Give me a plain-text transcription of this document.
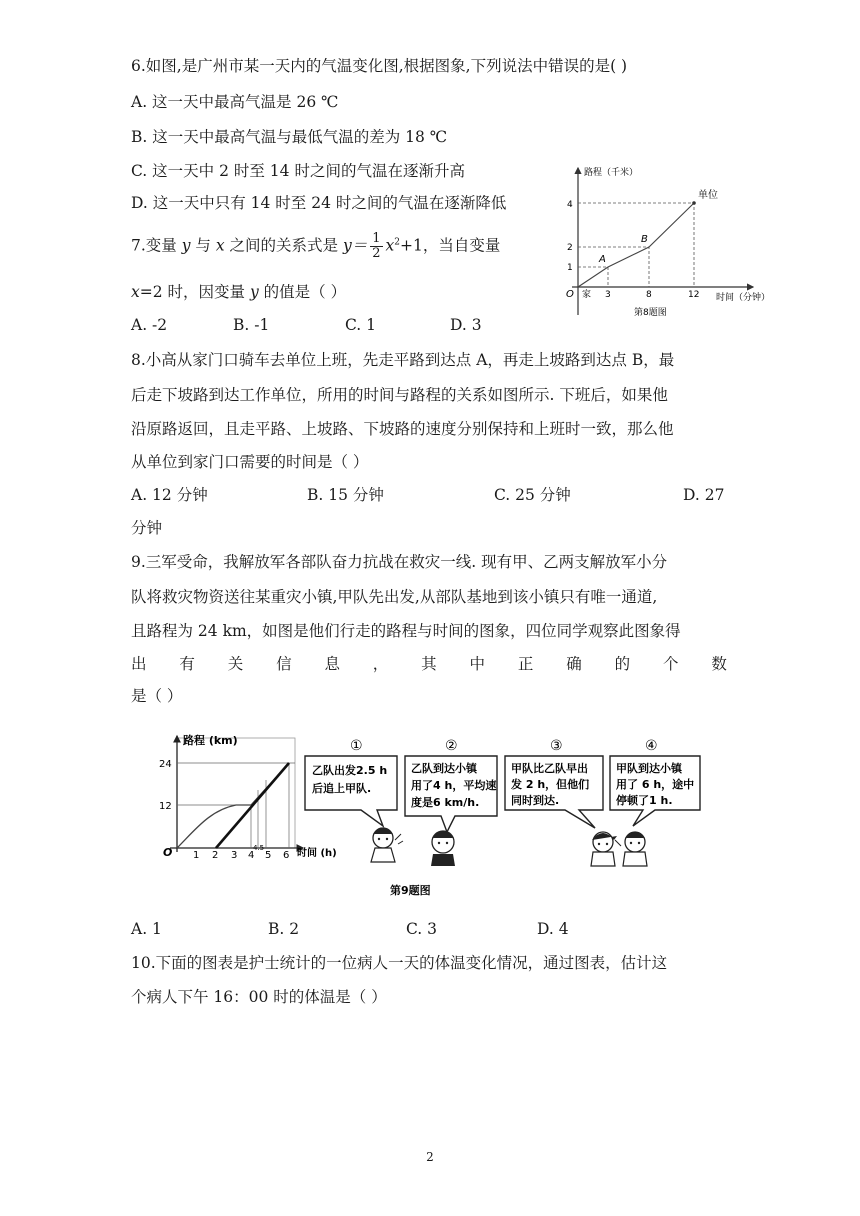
6.如图,是广州市某一天内的气温变化图,根据图象,下列说法中错误的是( )
A. 这一天中最高气温是 26 ℃
B. 这一天中最高气温与最低气温的差为 18 ℃
C. 这一天中 2 时至 14 时之间的气温在逐渐升高
D. 这一天中只有 14 时至 24 时之间的气温在逐渐降低
7.变量 y 与 x 之间的关系式是 $y= \frac{1}{2} x^2+1$，当自变量
x=2 时，因变量 y 的值是（ ）
A. -2	B. -1	C. 1	D. 3
路程（千米）
时间（分钟）
O 家
单位
A
B
4
2
1
3	8	12
第8题图
8.小高从家门口骑车去单位上班，先走平路到达点 A，再走上坡路到达点 B，最
后走下坡路到达工作单位，所用的时间与路程的关系如图所示. 下班后，如果他
沿原路返回，且走平路、上坡路、下坡路的速度分别保持和上班时一致，那么他
从单位到家门口需要的时间是（ ）
A. 12 分钟	B. 15 分钟	C. 25 分钟	D. 27
分钟
9.三军受命，我解放军各部队奋力抗战在救灾一线. 现有甲、乙两支解放军小分
队将救灾物资送往某重灾小镇,甲队先出发,从部队基地到该小镇只有唯一通道,
且路程为 24 km，如图是他们行走的路程与时间的图象，四位同学观察此图象得
出 有 关 信 息 ， 其 中 正 确 的 个 数
是（ ）
路程 (km)
时间 (h)
O
24
12
1 2 3 4
4.5
5 6
①
乙队出发2.5 h
后追上甲队.
②
乙队到达小镇
用了4 h，平均速
度是6 km/h.
③
甲队比乙队早出
发 2 h，但他们
同时到达.
④
甲队到达小镇
用了 6 h，途中
停顿了1 h.
第9题图
A. 1	B. 2	C. 3	D. 4
10.下面的图表是护士统计的一位病人一天的体温变化情况，通过图表，估计这
个病人下午 16：00 时的体温是（ ）
2
